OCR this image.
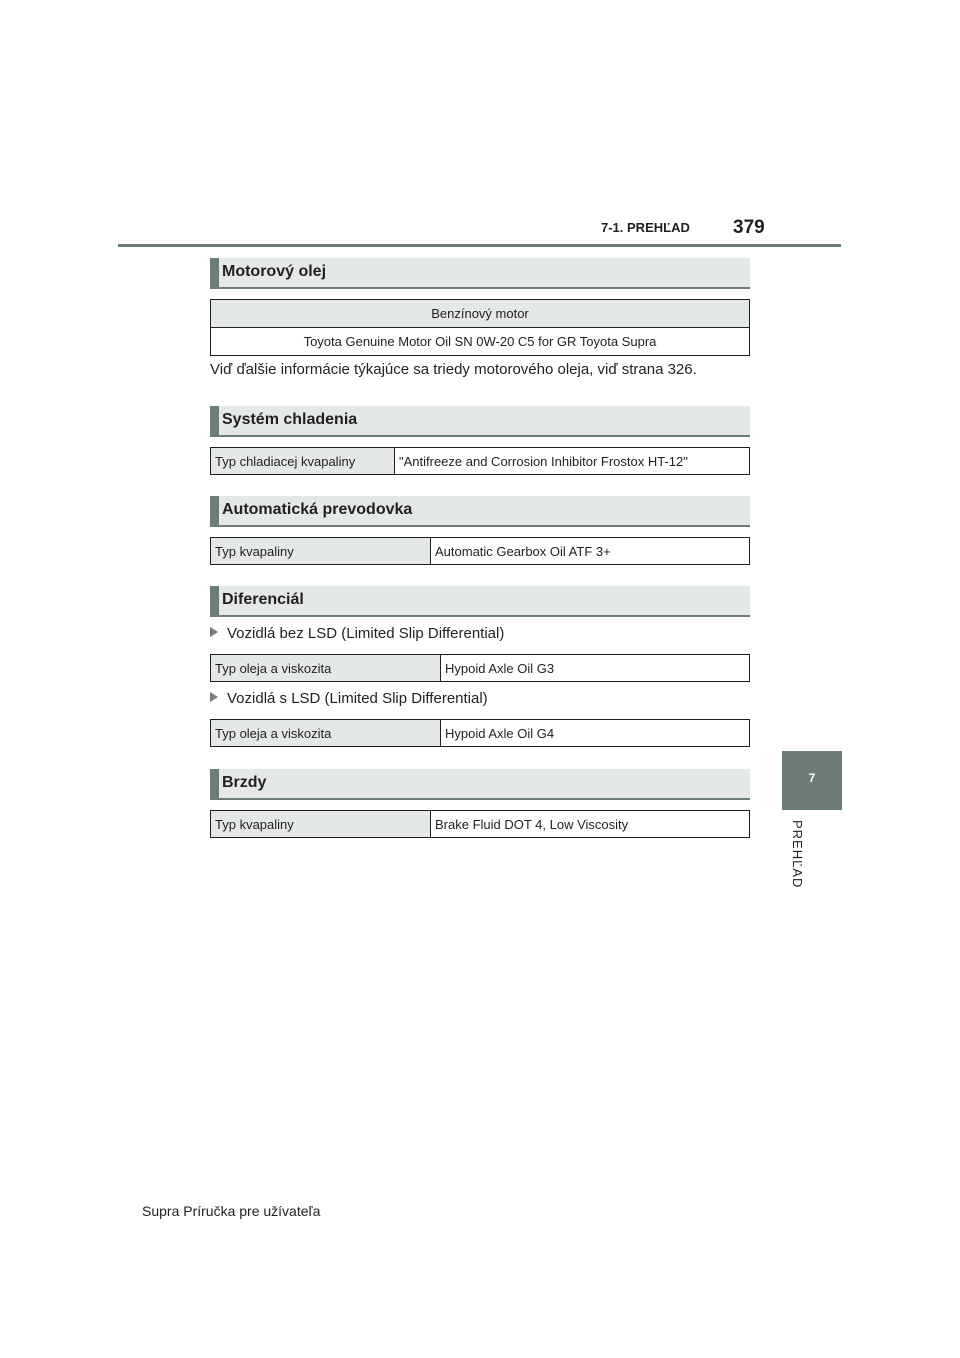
7-1. PREHĽAD 379
7
PREHĽAD
Motorový olej
Benzínový motor
Toyota Genuine Motor Oil SN 0W-20 C5 for GR Toyota Supra
Viď ďalšie informácie týkajúce sa triedy motorového oleja, viď strana 326.
Systém chladenia
Typ chladiacej kvapaliny	"Antifreeze and Corrosion Inhibitor Frostox HT-12"
Automatická prevodovka
Typ kvapaliny	Automatic Gearbox Oil ATF 3+
Diferenciál
Vozidlá bez LSD (Limited Slip Differential)
Typ oleja a viskozita	Hypoid Axle Oil G3
Vozidlá s LSD (Limited Slip Differential)
Typ oleja a viskozita	Hypoid Axle Oil G4
Brzdy
Typ kvapaliny	Brake Fluid DOT 4, Low Viscosity
Supra Príručka pre užívateľa
